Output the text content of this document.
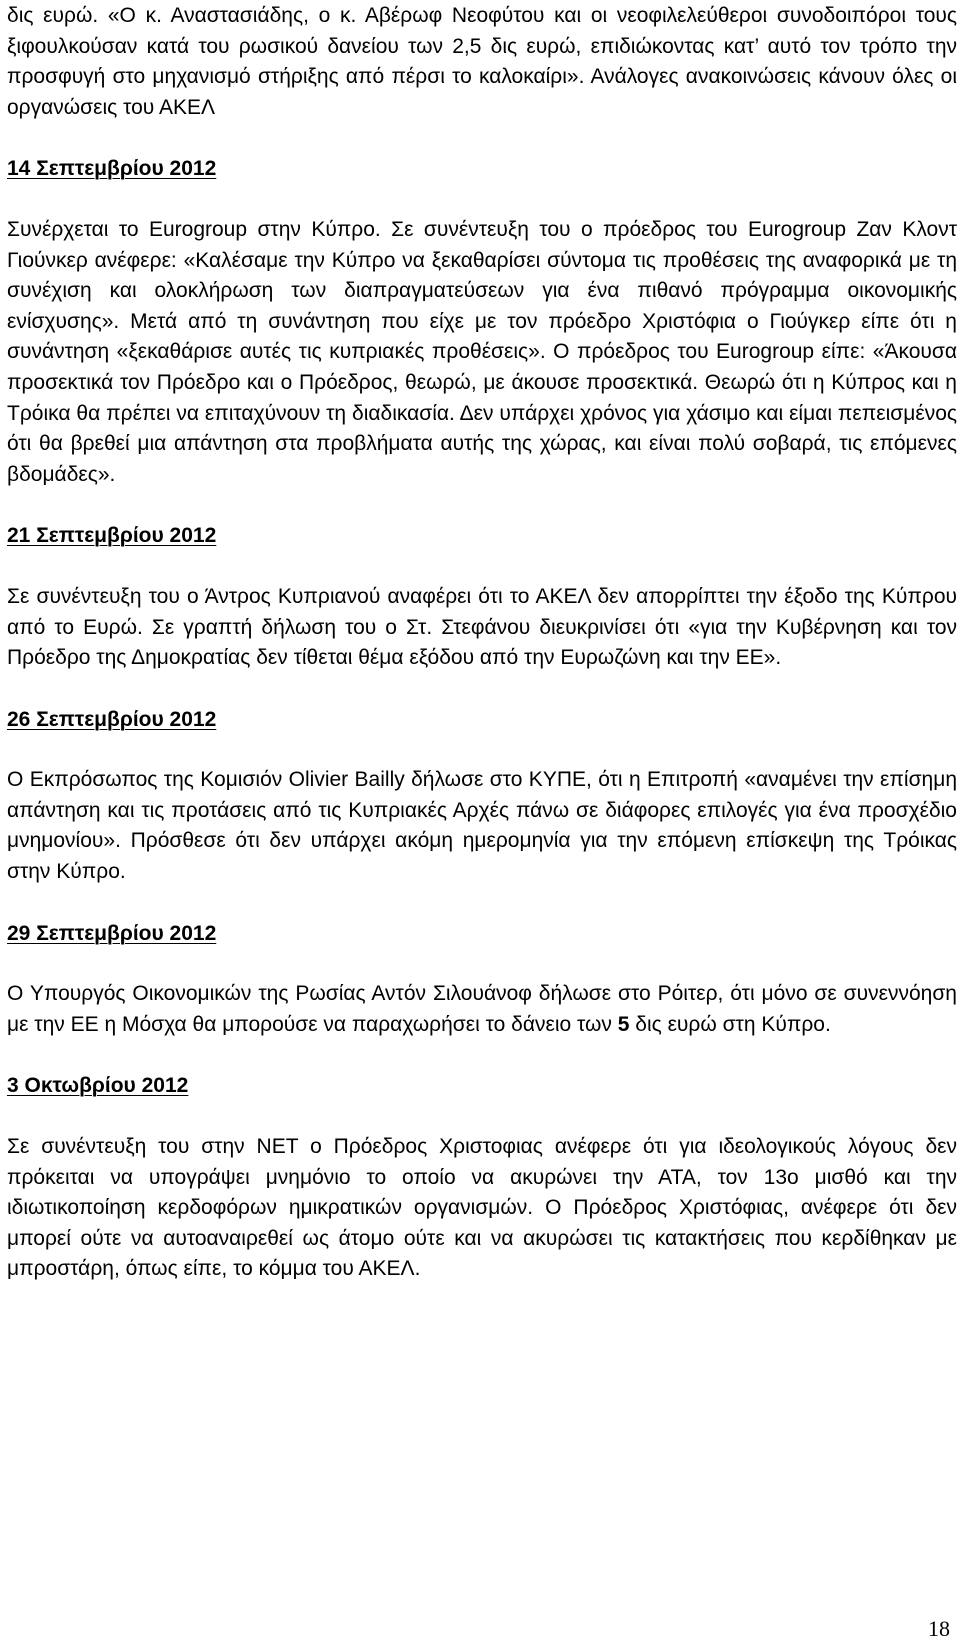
δις ευρώ. «Ο κ. Αναστασιάδης, ο κ. Αβέρωφ Νεοφύτου και οι νεοφιλελεύθεροι συνοδοιπόροι τους ξιφουλκούσαν κατά του ρωσικού δανείου των 2,5 δις ευρώ, επιδιώκοντας κατ’ αυτό τον τρόπο την προσφυγή στο μηχανισμό στήριξης από πέρσι το καλοκαίρι». Ανάλογες ανακοινώσεις κάνουν όλες οι οργανώσεις του ΑΚΕΛ

14 Σεπτεμβρίου 2012

Συνέρχεται το Eurogroup στην Κύπρο. Σε συνέντευξη του ο πρόεδρος του Eurogroup Ζαν Κλοντ Γιούνκερ ανέφερε: «Καλέσαμε την Κύπρο να ξεκαθαρίσει σύντομα τις προθέσεις της αναφορικά με τη συνέχιση και ολοκλήρωση των διαπραγματεύσεων για ένα πιθανό πρόγραμμα οικονομικής ενίσχυσης». Μετά από τη συνάντηση που είχε με τον πρόεδρο Χριστόφια ο Γιούγκερ είπε ότι η συνάντηση «ξεκαθάρισε αυτές τις κυπριακές προθέσεις». Ο πρόεδρος του Eurogroup είπε: «Άκουσα προσεκτικά τον Πρόεδρο και ο Πρόεδρος, θεωρώ, με άκουσε προσεκτικά. Θεωρώ ότι η Κύπρος και η Τρόικα θα πρέπει να επιταχύνουν τη διαδικασία. Δεν υπάρχει χρόνος για χάσιμο και είμαι πεπεισμένος ότι θα βρεθεί μια απάντηση στα προβλήματα αυτής της χώρας, και είναι πολύ σοβαρά, τις επόμενες βδομάδες».

21 Σεπτεμβρίου 2012

Σε συνέντευξη του ο Άντρος Κυπριανού αναφέρει ότι το ΑΚΕΛ δεν απορρίπτει την έξοδο της Κύπρου από το Ευρώ. Σε γραπτή δήλωση του ο Στ. Στεφάνου διευκρινίσει ότι «για την Κυβέρνηση και τον Πρόεδρο της Δημοκρατίας δεν τίθεται θέμα εξόδου από την Ευρωζώνη και την ΕΕ».

26 Σεπτεμβρίου 2012

Ο Εκπρόσωπος της Κομισιόν Olivier Bailly δήλωσε στο ΚΥΠΕ, ότι η Επιτροπή «αναμένει την επίσημη απάντηση και τις προτάσεις από τις Κυπριακές Αρχές πάνω σε διάφορες επιλογές για ένα προσχέδιο μνημονίου». Πρόσθεσε ότι δεν υπάρχει ακόμη ημερομηνία για την επόμενη επίσκεψη της Τρόικας στην Κύπρο.

29 Σεπτεμβρίου 2012

Ο Υπουργός Οικονομικών της Ρωσίας Αντόν Σιλουάνοφ δήλωσε στο Ρόιτερ, ότι μόνο σε συνεννόηση με την ΕΕ η Μόσχα θα μπορούσε να παραχωρήσει το δάνειο των 5 δις ευρώ στη Κύπρο.

3 Οκτωβρίου 2012

Σε συνέντευξη του στην ΝΕΤ ο Πρόεδρος Χριστοφιας ανέφερε ότι για ιδεολογικούς λόγους δεν πρόκειται να υπογράψει μνημόνιο το οποίο να ακυρώνει την ΑΤΑ, τον 13ο μισθό και την ιδιωτικοποίηση κερδοφόρων ημικρατικών οργανισμών. Ο Πρόεδρος Χριστόφιας, ανέφερε ότι δεν μπορεί ούτε να αυτοαναιρεθεί ως άτομο ούτε και να ακυρώσει τις κατακτήσεις που κερδίθηκαν με μπροστάρη, όπως είπε, το κόμμα του ΑΚΕΛ.

18
